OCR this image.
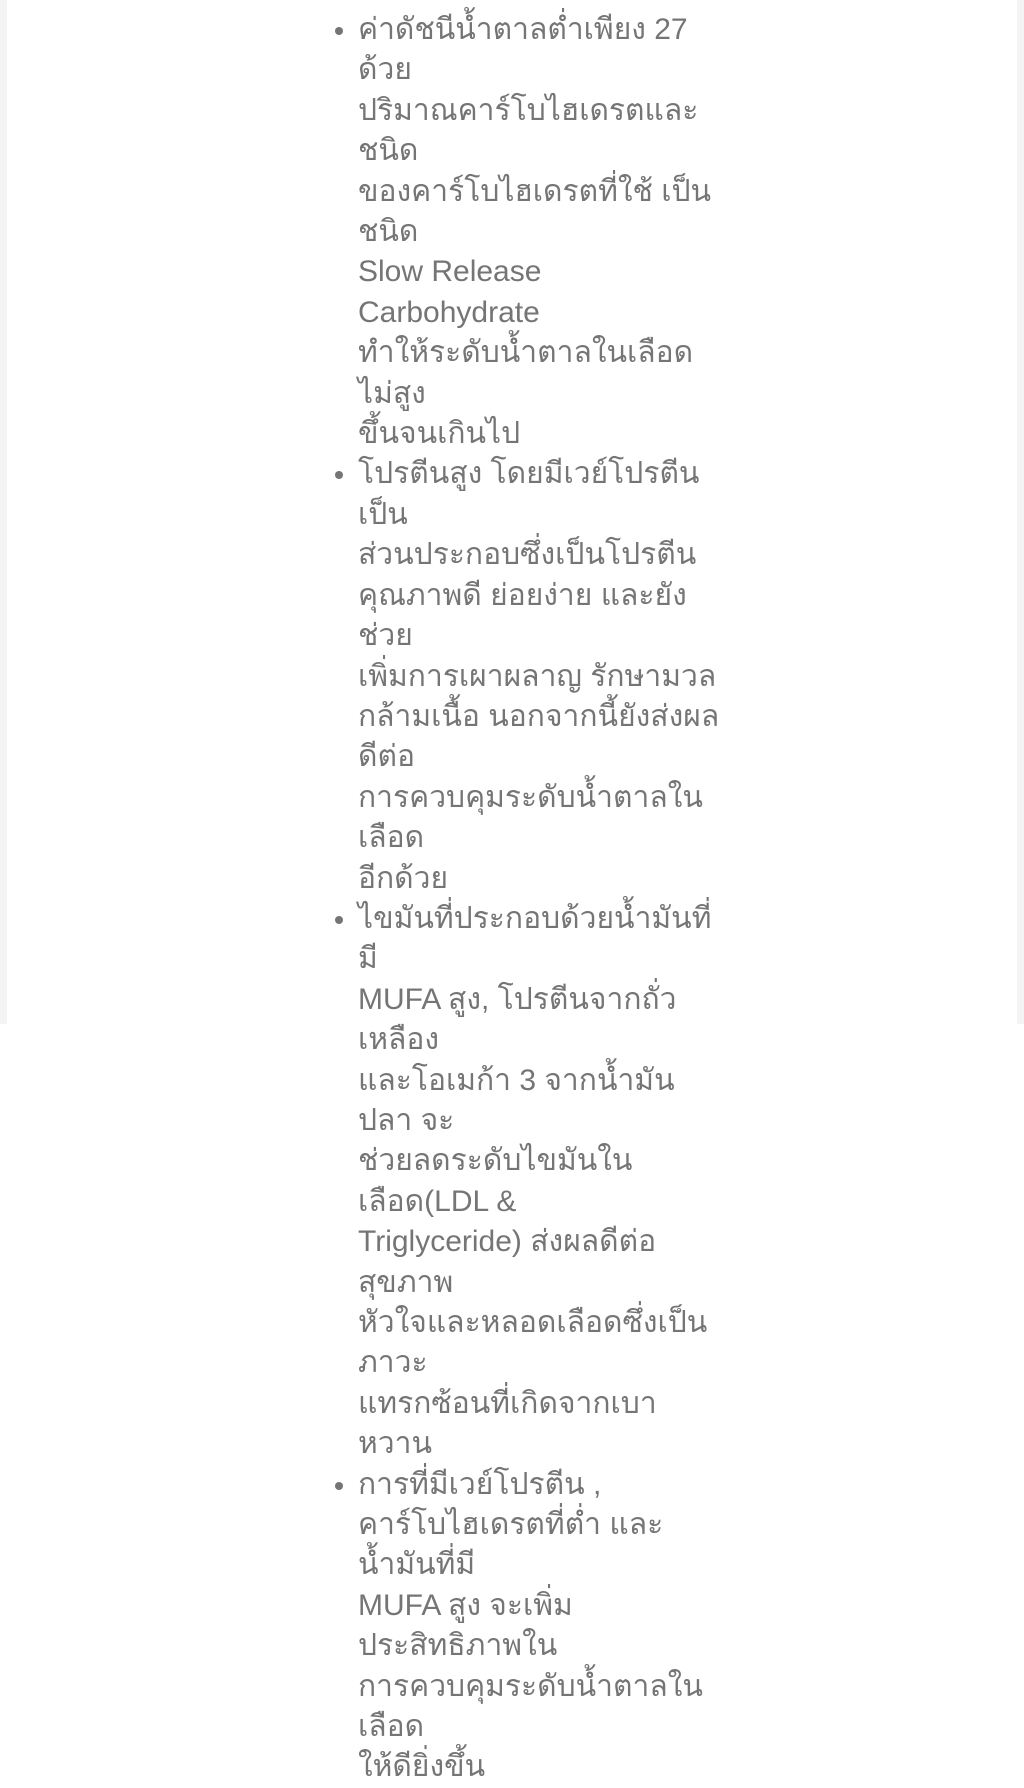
• ค่าดัชนีน้ำตาลต่ำเพียง 27 ด้วย
ปริมาณคาร์โบไฮเดรตและชนิด
ของคาร์โบไฮเดรตที่ใช้ เป็นชนิด
Slow Release  Carbohydrate
ทำให้ระดับน้ำตาลในเลือดไม่สูง
ขึ้นจนเกินไป
• โปรตีนสูง โดยมีเวย์โปรตีนเป็น
ส่วนประกอบซึ่งเป็นโปรตีน
คุณภาพดี ย่อยง่าย และยังช่วย
เพิ่มการเผาผลาญ รักษามวล
กล้ามเนื้อ นอกจากนี้ยังส่งผลดีต่อ
การควบคุมระดับน้ำตาลในเลือด
อีกด้วย
• ไขมันที่ประกอบด้วยน้ำมันที่มี
MUFA สูง, โปรตีนจากถั่วเหลือง
และโอเมก้า 3 จากน้ำมันปลา จะ
ช่วยลดระดับไขมันในเลือด(LDL &
Triglyceride) ส่งผลดีต่อสุขภาพ
หัวใจและหลอดเลือดซึ่งเป็นภาวะ
แทรกซ้อนที่เกิดจากเบาหวาน
• การที่มีเวย์โปรตีน ,
คาร์โบไฮเดรตที่ต่ำ และ น้ำมันที่มี
MUFA สูง จะเพิ่มประสิทธิภาพใน
การควบคุมระดับน้ำตาลในเลือด
ให้ดียิ่งขึ้น
